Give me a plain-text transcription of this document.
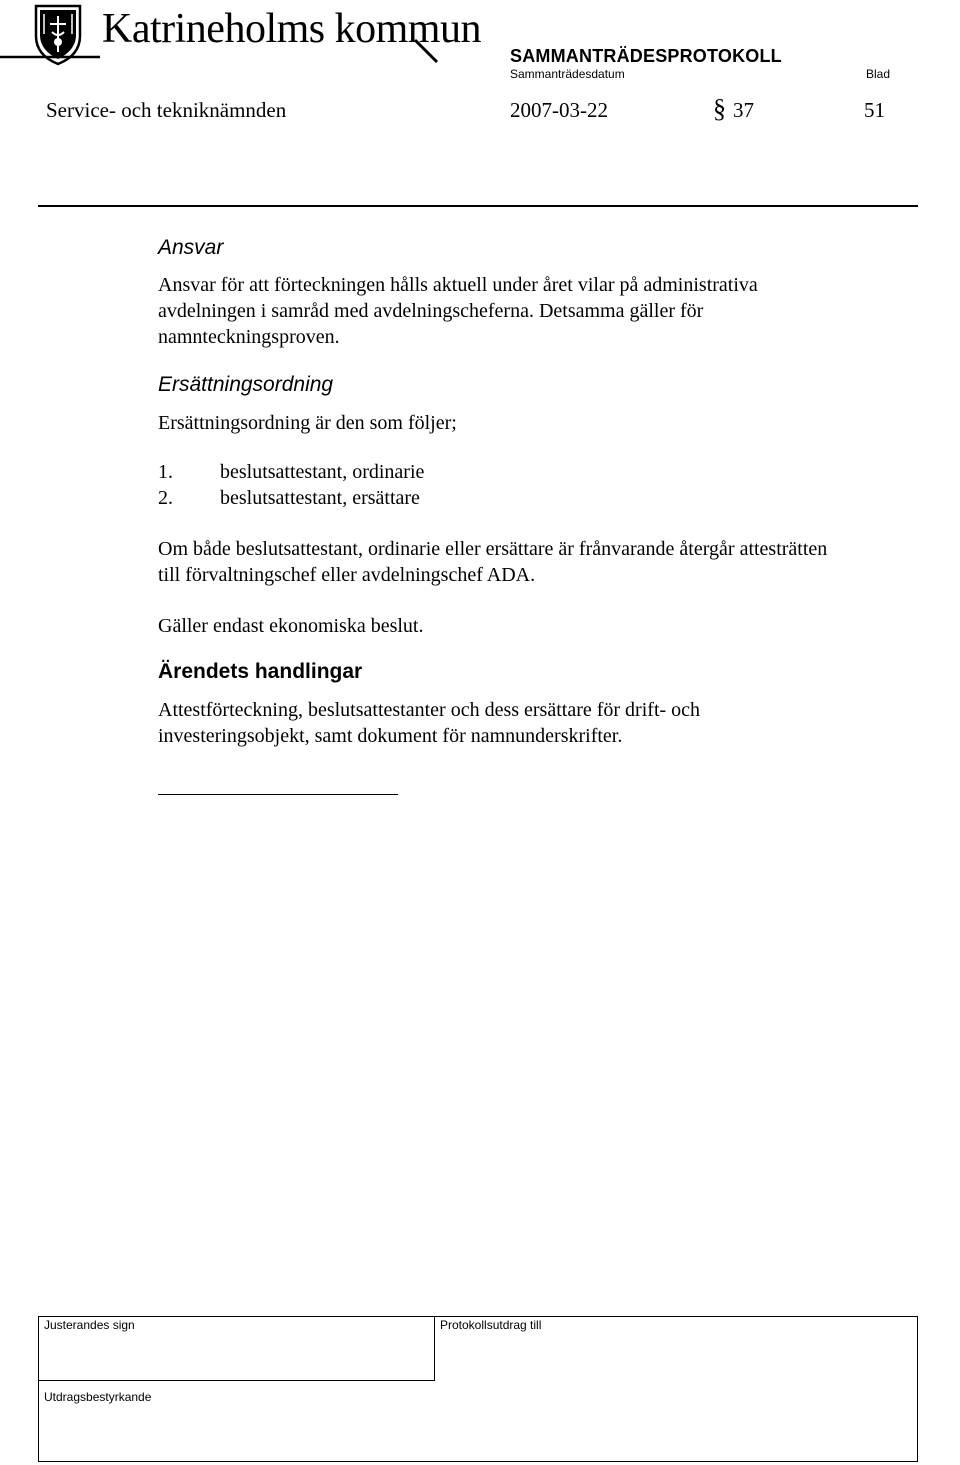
Katrineholms kommun
SAMMANTRÄDESPROTOKOLL
Sammanträdesdatum	Blad
Service- och tekniknämnden	2007-03-22	§ 37	51
Ansvar
Ansvar för att förteckningen hålls aktuell under året vilar på administrativa
avdelningen i samråd med avdelningscheferna. Detsamma gäller för
namnteckningsproven.
Ersättningsordning
Ersättningsordning är den som följer;
1. beslutsattestant, ordinarie
2. beslutsattestant, ersättare
Om både beslutsattestant, ordinarie eller ersättare är frånvarande återgår attesträtten
till förvaltningschef eller avdelningschef ADA.
Gäller endast ekonomiska beslut.
Ärendets handlingar
Attestförteckning, beslutsattestanter och dess ersättare för drift- och
investeringsobjekt, samt dokument för namnunderskrifter.
Justerandes sign	Protokollsutdrag till
Utdragsbestyrkande
